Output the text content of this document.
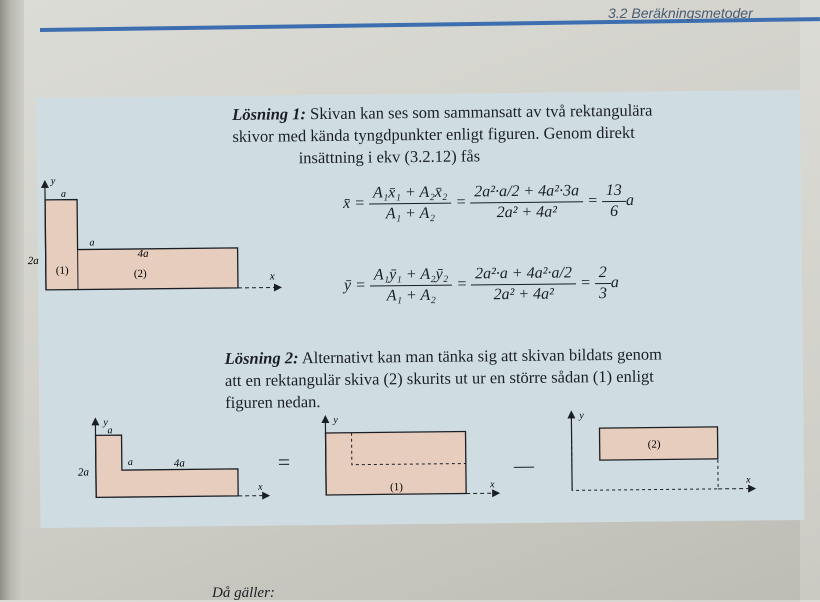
3.2 Beräkningsmetoder
Lösning 1: Skivan kan ses som sammansatt av två rektangulära
skivor med kända tyngdpunkter enligt figuren. Genom direkt
insättning i ekv (3.2.12) fås
y
x
a
a
4a
2a
(1)	(2)
x̄ = $\frac{\text{A₁x̄₁ + A₂x̄₂}}{\text{A₁ + A₂}} = \frac{\text{2a²·a/2 + 4a²·3a}}{\text{2a² + 4a²}} = \frac{13}{6}$ a
ȳ = $\frac{\text{A₁ȳ₁ + A₂ȳ₂}}{\text{A₁ + A₂}} = \frac{\text{2a²·a + 4a²·a/2}}{\text{2a² + 4a²}} = \frac{2}{3}$ a
Lösning 2: Alternativt kan man tänka sig att skivan bildats genom
att en rektangulär skiva (2) skurits ut ur en större sådan (1) enligt
figuren nedan.
y
x
a
a	4a
2a	=
y
x
(1)
—
y
x
(2)
Då gäller:
